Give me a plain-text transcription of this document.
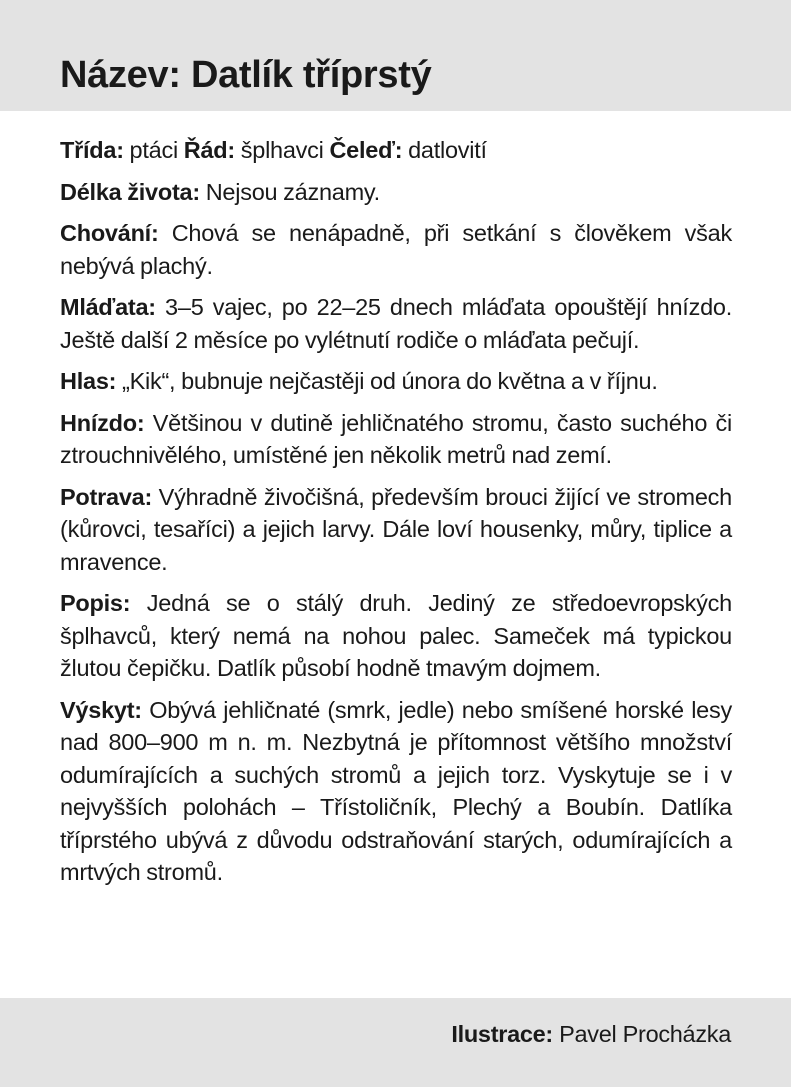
Název: Datlík tříprstý

Třída: ptáci Řád: šplhavci Čeleď: datlovití

Délka života: Nejsou záznamy.

Chování: Chová se nenápadně, při setkání s člověkem však nebývá plachý.

Mláďata: 3–5 vajec, po 22–25 dnech mláďata opouštějí hnízdo. Ještě další 2 měsíce po vylétnutí rodiče o mláďata pečují.

Hlas: „Kik“, bubnuje nejčastěji od února do května a v říjnu.

Hnízdo: Většinou v dutině jehličnatého stromu, často suchého či ztrouchnivělého, umístěné jen několik metrů nad zemí.

Potrava: Výhradně živočišná, především brouci žijící ve stromech (kůrovci, tesaříci) a jejich larvy. Dále loví housenky, můry, tiplice a mravence.

Popis: Jedná se o stálý druh. Jediný ze středoevropských šplhavců, který nemá na nohou palec. Sameček má typickou žlutou čepičku. Datlík působí hodně tmavým dojmem.

Výskyt: Obývá jehličnaté (smrk, jedle) nebo smíšené horské lesy nad 800–900 m n. m. Nezbytná je přítomnost většího množství odumírajících a suchých stromů a jejich torz. Vyskytuje se i v nejvyšších polohách – Třístoličník, Plechý a Boubín. Datlíka tříprstého ubývá z důvodu odstraňování starých, odumírajících a mrtvých stromů.

Ilustrace: Pavel Procházka
